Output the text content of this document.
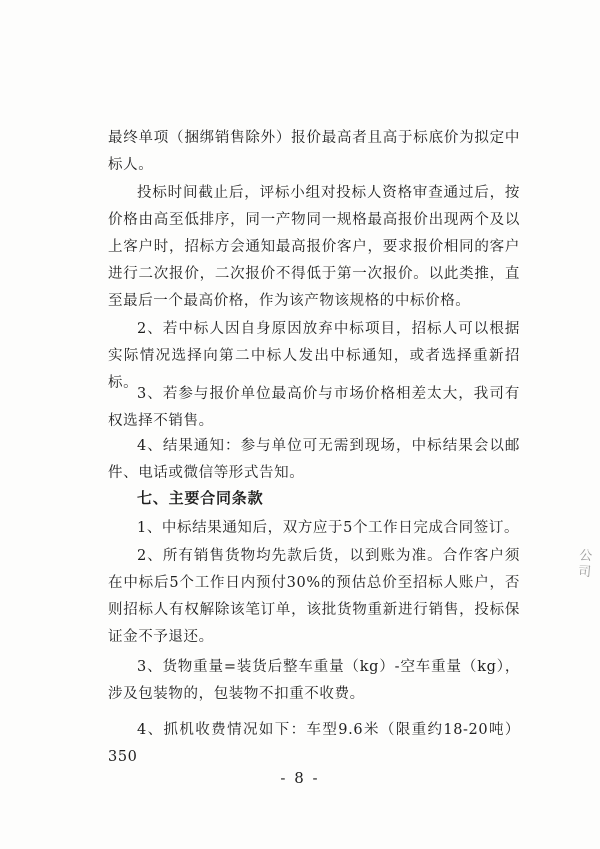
最终单项（捆绑销售除外）报价最高者且高于标底价为拟定中标人。

投标时间截止后，评标小组对投标人资格审查通过后，按价格由高至低排序，同一产物同一规格最高报价出现两个及以上客户时，招标方会通知最高报价客户，要求报价相同的客户进行二次报价，二次报价不得低于第一次报价。以此类推，直至最后一个最高价格，作为该产物该规格的中标价格。

2、若中标人因自身原因放弃中标项目，招标人可以根据实际情况选择向第二中标人发出中标通知，或者选择重新招标。

3、若参与报价单位最高价与市场价格相差太大，我司有权选择不销售。

4、结果通知：参与单位可无需到现场，中标结果会以邮件、电话或微信等形式告知。

七、主要合同条款

1、中标结果通知后，双方应于5个工作日完成合同签订。

2、所有销售货物均先款后货，以到账为准。合作客户须在中标后5个工作日内预付30%的预估总价至招标人账户，否则招标人有权解除该笔订单，该批货物重新进行销售，投标保证金不予退还。

3、货物重量=装货后整车重量（kg）-空车重量（kg），涉及包装物的，包装物不扣重不收费。

4、抓机收费情况如下：车型9.6米（限重约18-20吨）350

- 8 -
公司
